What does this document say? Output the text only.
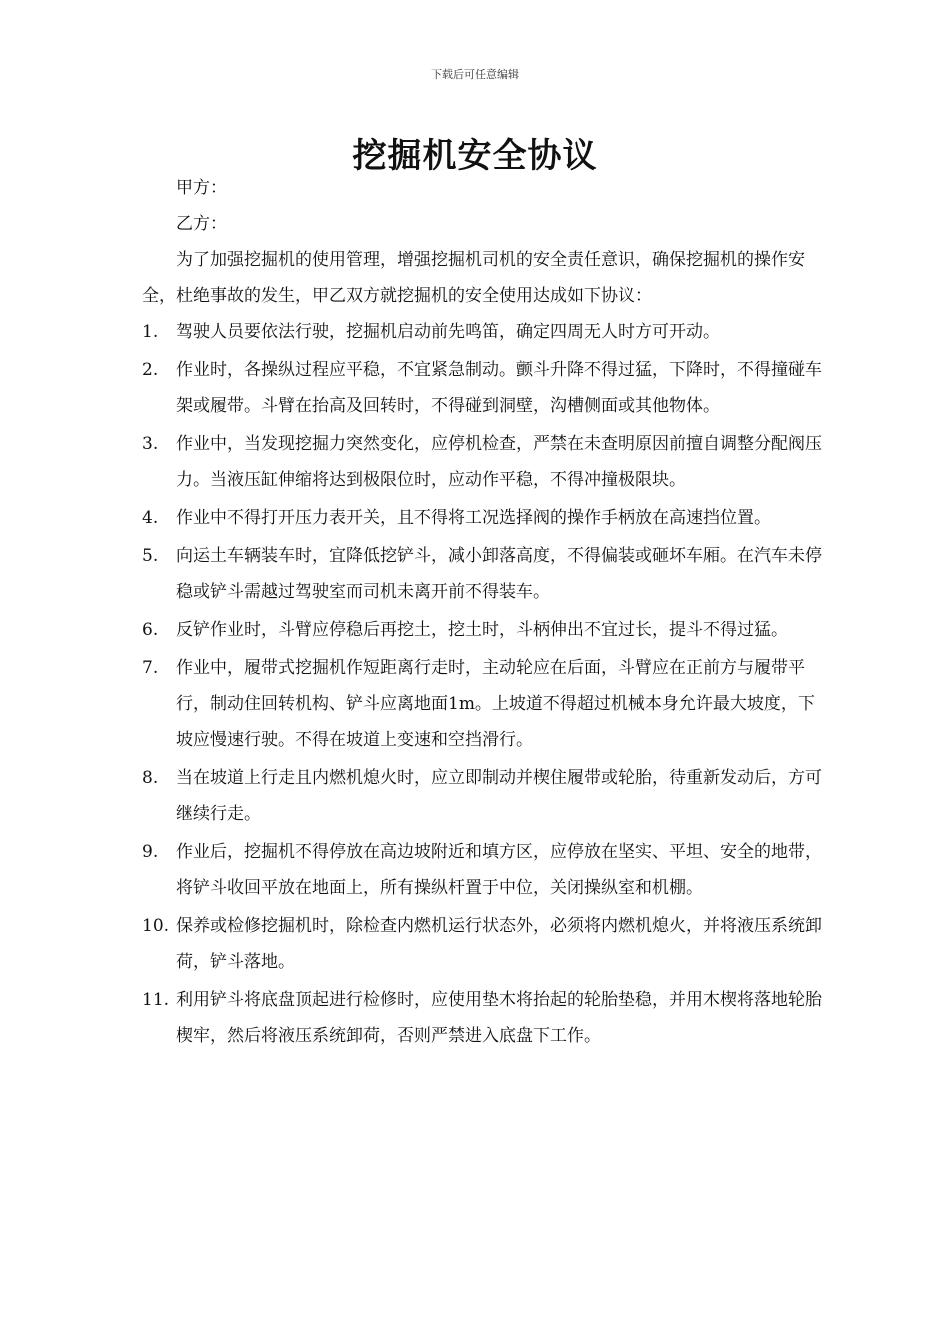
下载后可任意编辑
挖掘机安全协议

甲方：

乙方：

为了加强挖掘机的使用管理，增强挖掘机司机的安全责任意识，确保挖掘机的操作安全，杜绝事故的发生，甲乙双方就挖掘机的安全使用达成如下协议：

1.	驾驶人员要依法行驶，挖掘机启动前先鸣笛，确定四周无人时方可开动。
2.	作业时，各操纵过程应平稳，不宜紧急制动。颤斗升降不得过猛，下降时，不得撞碰车架或履带。斗臂在抬高及回转时，不得碰到洞壁，沟槽侧面或其他物体。
3.	作业中，当发现挖掘力突然变化，应停机检查，严禁在未查明原因前擅自调整分配阀压力。当液压缸伸缩将达到极限位时，应动作平稳，不得冲撞极限块。
4.	作业中不得打开压力表开关，且不得将工况选择阀的操作手柄放在高速挡位置。
5.	向运土车辆装车时，宜降低挖铲斗，减小卸落高度，不得偏装或砸坏车厢。在汽车未停稳或铲斗需越过驾驶室而司机未离开前不得装车。
6.	反铲作业时，斗臂应停稳后再挖土，挖土时，斗柄伸出不宜过长，提斗不得过猛。
7.	作业中，履带式挖掘机作短距离行走时，主动轮应在后面，斗臂应在正前方与履带平行，制动住回转机构、铲斗应离地面1m。上坡道不得超过机械本身允许最大坡度，下坡应慢速行驶。不得在坡道上变速和空挡滑行。
8.	当在坡道上行走且内燃机熄火时，应立即制动并楔住履带或轮胎，待重新发动后，方可继续行走。
9.	作业后，挖掘机不得停放在高边坡附近和填方区，应停放在坚实、平坦、安全的地带，将铲斗收回平放在地面上，所有操纵杆置于中位，关闭操纵室和机棚。
10. 保养或检修挖掘机时，除检查内燃机运行状态外，必须将内燃机熄火，并将液压系统卸荷，铲斗落地。
11. 利用铲斗将底盘顶起进行检修时，应使用垫木将抬起的轮胎垫稳，并用木楔将落地轮胎楔牢，然后将液压系统卸荷，否则严禁进入底盘下工作。
